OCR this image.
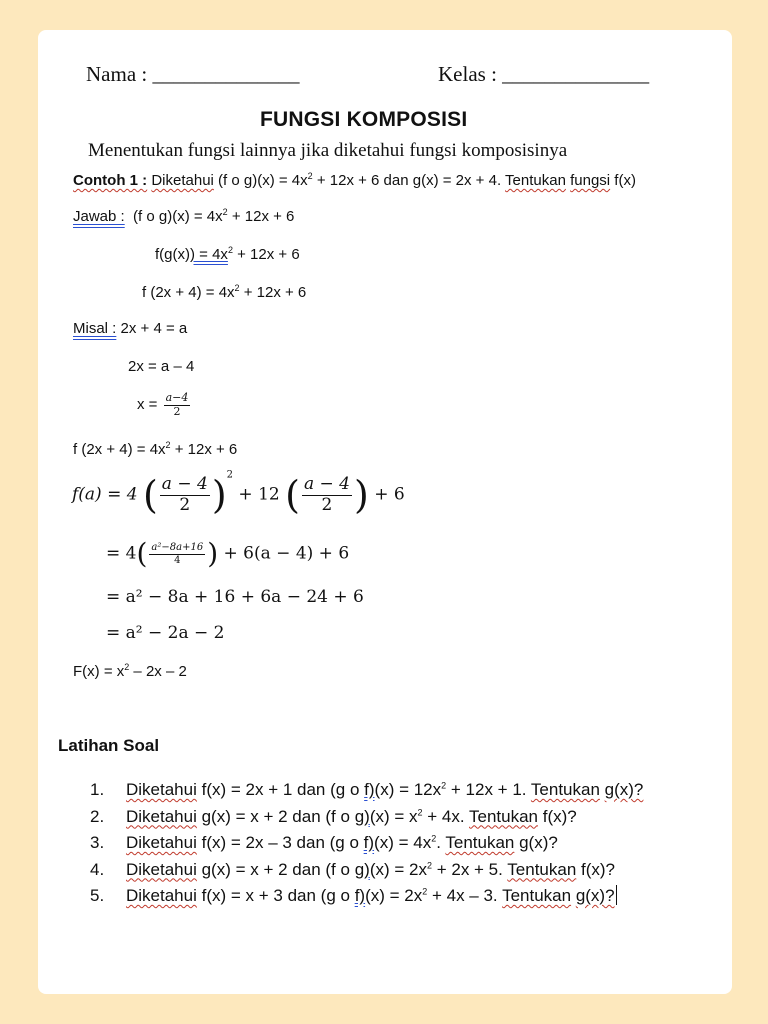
Nama : ______________	Kelas : ______________
FUNGSI KOMPOSISI
Menentukan fungsi lainnya jika diketahui fungsi komposisinya
Contoh 1 : Diketahui (f o $g)(x) = 4x^2 + 12x + 6$ dan g(x) = 2x + 4. Tentukan fungsi f(x)
Jawab : (f o $g)(x) = 4x^2 + 12x + 6$
$f(g(x)) = 4x^2 + 12x + 6$
f $(2x + 4) = 4x^2 + 12x + 6$
Misal : 2x + 4 = a
2x = a – 4
$x = \frac{a-4}{2}$
f $(2x + 4) = 4x^2 + 12x + 6$
f(a) = 4 ( $\frac{a - 4}{2} )^2 + 12$ ( $\frac{a - 4}{2}$ ) + 6
= $4( \frac{\text{a²−8a+16}}{4}$ ) + 6(a − 4) + 6
= a² − 8a + 16 + 6a − 24 + 6
= a² − 2a − 2
$F(x) = x^2 - 2x - 2$
Latihan Soal
1. Diketahui f(x) = 2x + 1 dan (g o $f)(x) = 12x^2 + 12x + 1$. Tentukan g(x)?
2. Diketahui g(x) = x + 2 dan (f o $g)(x) = x^2 + 4x$. Tentukan f(x)?
3. Diketahui f(x) = 2x – 3 dan (g o $f)(x) = 4x^2$. Tentukan g(x)?
4. Diketahui g(x) = x + 2 dan (f o $g)(x) = 2x^2 + 2x + 5$. Tentukan f(x)?
5. Diketahui f(x) = x + 3 dan (g o $f)(x) = 2x^2 + 4x - 3$. Tentukan g(x)?
